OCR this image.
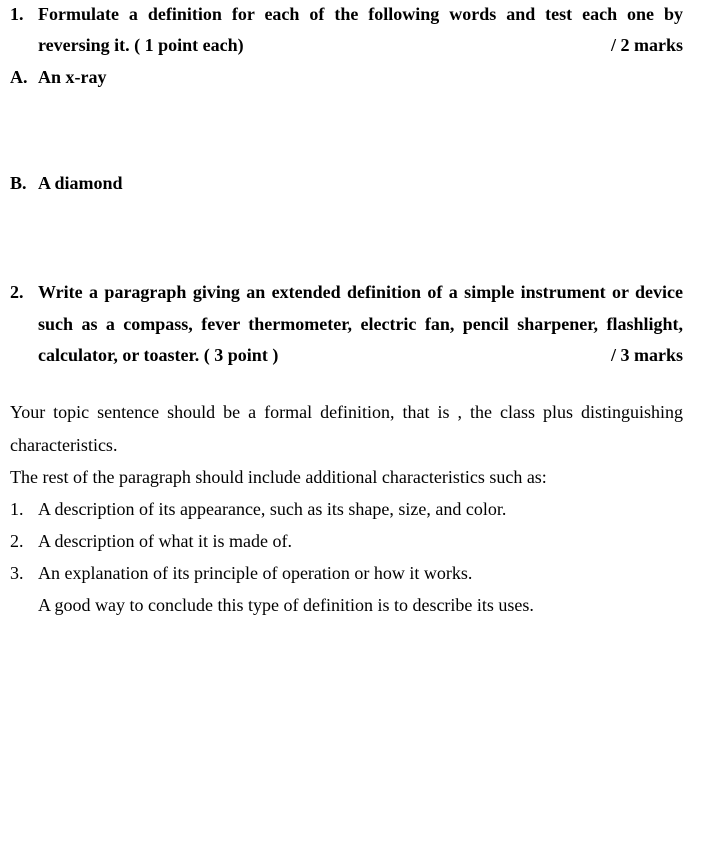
1. Formulate a definition for each of the following words and test each one by
reversing it. ( 1 point each)	/ 2 marks
A. An x-ray
B. A diamond
2. Write a paragraph giving an extended definition of a simple instrument or device
such as a compass, fever thermometer, electric fan, pencil sharpener, flashlight,
calculator, or toaster. ( 3 point )	/ 3 marks
Your topic sentence should be a formal definition, that is , the class plus distinguishing
characteristics.
The rest of the paragraph should include additional characteristics such as:
1. A description of its appearance, such as its shape, size, and color.
2. A description of what it is made of.
3. An explanation of its principle of operation or how it works.
A good way to conclude this type of definition is to describe its uses.
